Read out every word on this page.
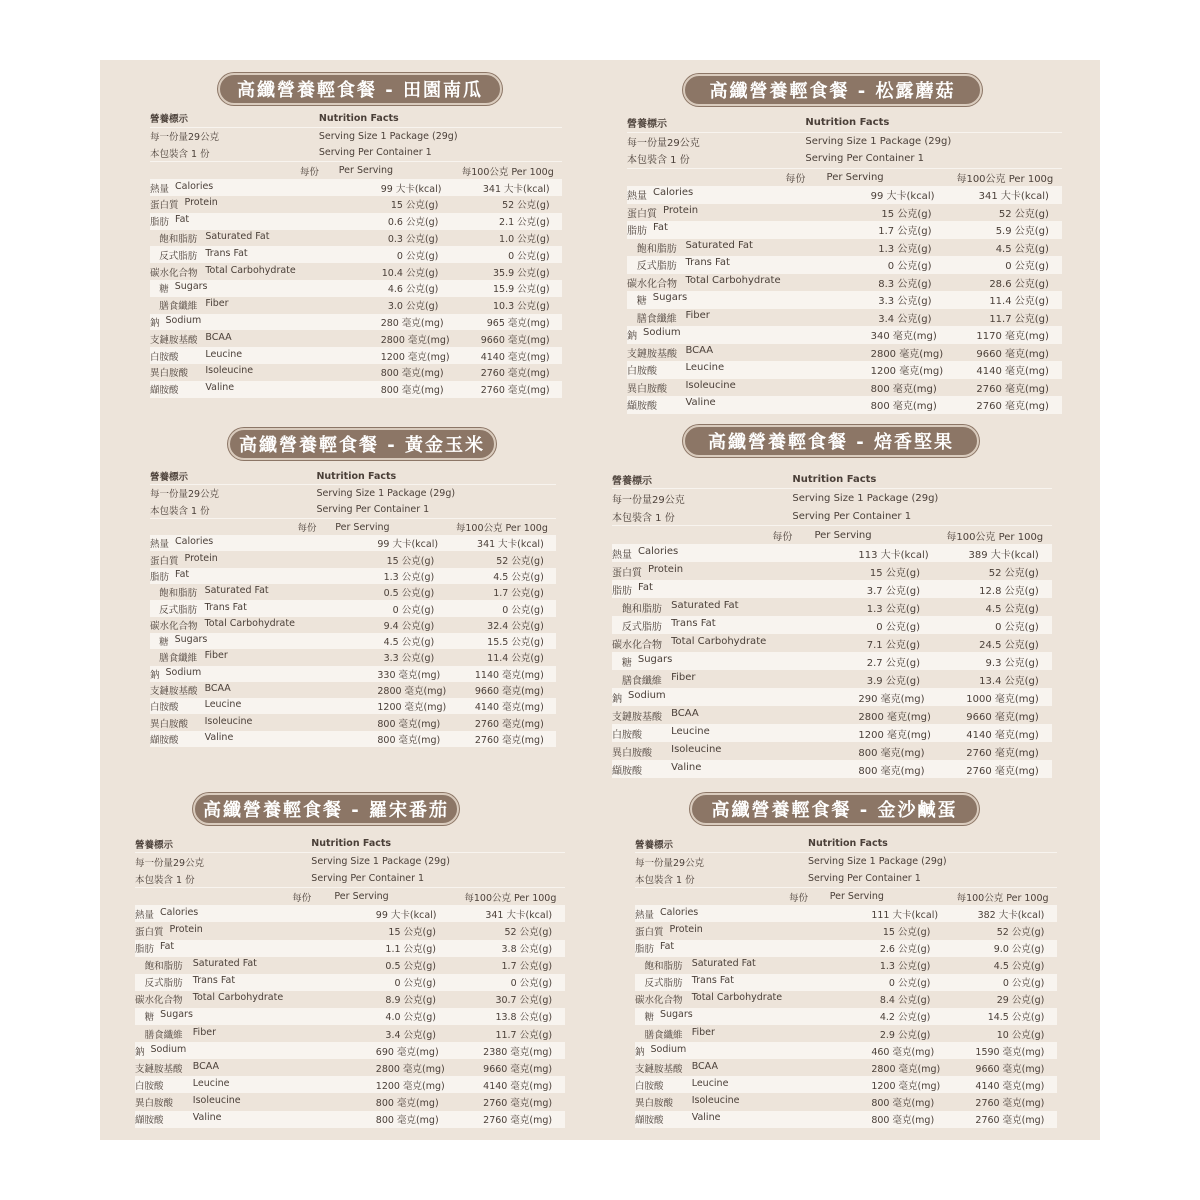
高纖營養輕食餐 - 田園南瓜
營養標示	Nutrition Facts
每一份量29公克	Serving Size 1 Package (29g)
本包裝含 1 份	Serving Per Container 1
每份	Per Serving	每100公克 Per 100g
熱量 Calories	99 大卡(kcal)	341 大卡(kcal)
蛋白質 Protein	15 公克(g)	52 公克(g)
脂肪 Fat	0.6 公克(g)	2.1 公克(g)
飽和脂肪 Saturated Fat	0.3 公克(g)	1.0 公克(g)
反式脂肪 Trans Fat	0 公克(g)	0 公克(g)
碳水化合物 Total Carbohydrate	10.4 公克(g)	35.9 公克(g)
糖 Sugars	4.6 公克(g)	15.9 公克(g)
膳食纖維 Fiber	3.0 公克(g)	10.3 公克(g)
鈉 Sodium	280 毫克(mg)	965 毫克(mg)
支鏈胺基酸 BCAA	2800 毫克(mg)	9660 毫克(mg)
白胺酸	Leucine	1200 毫克(mg)	4140 毫克(mg)
異白胺酸 Isoleucine	800 毫克(mg)	2760 毫克(mg)
纈胺酸	Valine	800 毫克(mg)	2760 毫克(mg)
高纖營養輕食餐 - 松露蘑菇
營養標示	Nutrition Facts
每一份量29公克	Serving Size 1 Package (29g)
本包裝含 1 份	Serving Per Container 1
每份	Per Serving	每100公克 Per 100g
熱量 Calories	99 大卡(kcal)	341 大卡(kcal)
蛋白質 Protein	15 公克(g)	52 公克(g)
脂肪 Fat	1.7 公克(g)	5.9 公克(g)
飽和脂肪 Saturated Fat	1.3 公克(g)	4.5 公克(g)
反式脂肪 Trans Fat	0 公克(g)	0 公克(g)
碳水化合物 Total Carbohydrate	8.3 公克(g)	28.6 公克(g)
糖 Sugars	3.3 公克(g)	11.4 公克(g)
膳食纖維 Fiber	3.4 公克(g)	11.7 公克(g)
鈉 Sodium	340 毫克(mg)	1170 毫克(mg)
支鏈胺基酸 BCAA	2800 毫克(mg)	9660 毫克(mg)
白胺酸	Leucine	1200 毫克(mg)	4140 毫克(mg)
異白胺酸 Isoleucine	800 毫克(mg)	2760 毫克(mg)
纈胺酸	Valine	800 毫克(mg)	2760 毫克(mg)
高纖營養輕食餐 - 黃金玉米
營養標示	Nutrition Facts
每一份量29公克	Serving Size 1 Package (29g)
本包裝含 1 份	Serving Per Container 1
每份	Per Serving	每100公克 Per 100g
熱量 Calories	99 大卡(kcal)	341 大卡(kcal)
蛋白質 Protein	15 公克(g)	52 公克(g)
脂肪 Fat	1.3 公克(g)	4.5 公克(g)
飽和脂肪 Saturated Fat	0.5 公克(g)	1.7 公克(g)
反式脂肪 Trans Fat	0 公克(g)	0 公克(g)
碳水化合物 Total Carbohydrate	9.4 公克(g)	32.4 公克(g)
糖 Sugars	4.5 公克(g)	15.5 公克(g)
膳食纖維 Fiber	3.3 公克(g)	11.4 公克(g)
鈉 Sodium	330 毫克(mg)	1140 毫克(mg)
支鏈胺基酸 BCAA	2800 毫克(mg)	9660 毫克(mg)
白胺酸	Leucine	1200 毫克(mg)	4140 毫克(mg)
異白胺酸 Isoleucine	800 毫克(mg)	2760 毫克(mg)
纈胺酸	Valine	800 毫克(mg)	2760 毫克(mg)
高纖營養輕食餐 - 焙香堅果
營養標示	Nutrition Facts
每一份量29公克	Serving Size 1 Package (29g)
本包裝含 1 份	Serving Per Container 1
每份	Per Serving	每100公克 Per 100g
熱量 Calories	113 大卡(kcal)	389 大卡(kcal)
蛋白質 Protein	15 公克(g)	52 公克(g)
脂肪 Fat	3.7 公克(g)	12.8 公克(g)
飽和脂肪 Saturated Fat	1.3 公克(g)	4.5 公克(g)
反式脂肪 Trans Fat	0 公克(g)	0 公克(g)
碳水化合物 Total Carbohydrate	7.1 公克(g)	24.5 公克(g)
糖 Sugars	2.7 公克(g)	9.3 公克(g)
膳食纖維 Fiber	3.9 公克(g)	13.4 公克(g)
鈉 Sodium	290 毫克(mg)	1000 毫克(mg)
支鏈胺基酸 BCAA	2800 毫克(mg)	9660 毫克(mg)
白胺酸	Leucine	1200 毫克(mg)	4140 毫克(mg)
異白胺酸 Isoleucine	800 毫克(mg)	2760 毫克(mg)
纈胺酸	Valine	800 毫克(mg)	2760 毫克(mg)
高纖營養輕食餐 - 羅宋番茄
營養標示	Nutrition Facts
每一份量29公克	Serving Size 1 Package (29g)
本包裝含 1 份	Serving Per Container 1
每份	Per Serving	每100公克 Per 100g
熱量 Calories	99 大卡(kcal)	341 大卡(kcal)
蛋白質 Protein	15 公克(g)	52 公克(g)
脂肪 Fat	1.1 公克(g)	3.8 公克(g)
飽和脂肪 Saturated Fat	0.5 公克(g)	1.7 公克(g)
反式脂肪 Trans Fat	0 公克(g)	0 公克(g)
碳水化合物 Total Carbohydrate	8.9 公克(g)	30.7 公克(g)
糖 Sugars	4.0 公克(g)	13.8 公克(g)
膳食纖維 Fiber	3.4 公克(g)	11.7 公克(g)
鈉 Sodium	690 毫克(mg)	2380 毫克(mg)
支鏈胺基酸 BCAA	2800 毫克(mg)	9660 毫克(mg)
白胺酸	Leucine	1200 毫克(mg)	4140 毫克(mg)
異白胺酸 Isoleucine	800 毫克(mg)	2760 毫克(mg)
纈胺酸	Valine	800 毫克(mg)	2760 毫克(mg)
高纖營養輕食餐 - 金沙鹹蛋
營養標示	Nutrition Facts
每一份量29公克	Serving Size 1 Package (29g)
本包裝含 1 份	Serving Per Container 1
每份	Per Serving	每100公克 Per 100g
熱量 Calories	111 大卡(kcal)	382 大卡(kcal)
蛋白質 Protein	15 公克(g)	52 公克(g)
脂肪 Fat	2.6 公克(g)	9.0 公克(g)
飽和脂肪 Saturated Fat	1.3 公克(g)	4.5 公克(g)
反式脂肪 Trans Fat	0 公克(g)	0 公克(g)
碳水化合物 Total Carbohydrate	8.4 公克(g)	29 公克(g)
糖 Sugars	4.2 公克(g)	14.5 公克(g)
膳食纖維 Fiber	2.9 公克(g)	10 公克(g)
鈉 Sodium	460 毫克(mg)	1590 毫克(mg)
支鏈胺基酸 BCAA	2800 毫克(mg)	9660 毫克(mg)
白胺酸	Leucine	1200 毫克(mg)	4140 毫克(mg)
異白胺酸 Isoleucine	800 毫克(mg)	2760 毫克(mg)
纈胺酸	Valine	800 毫克(mg)	2760 毫克(mg)
